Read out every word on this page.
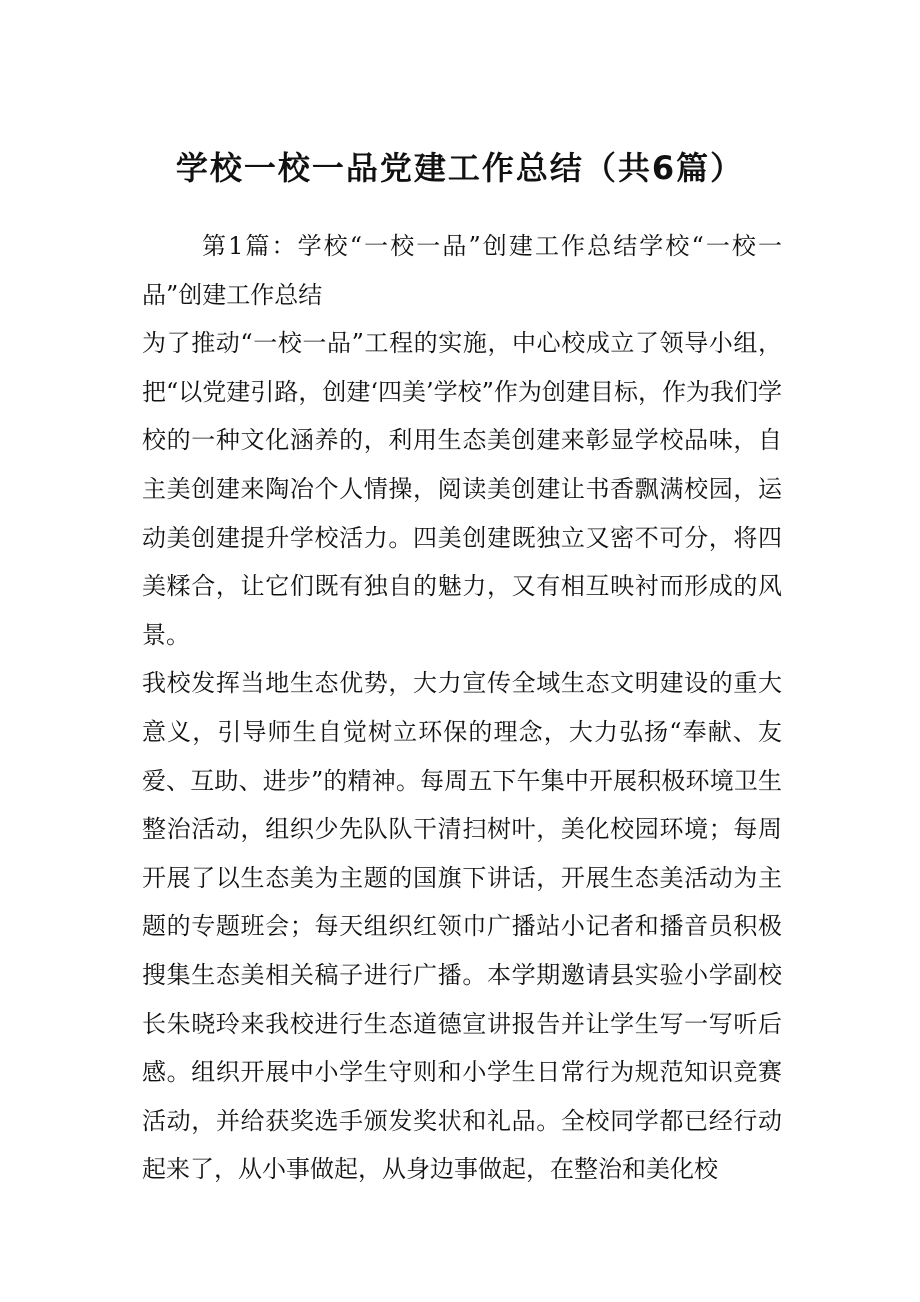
学校一校一品党建工作总结（共6篇）

第1篇：学校“一校一品”创建工作总结学校“一校一品”创建工作总结

为了推动“一校一品”工程的实施，中心校成立了领导小组，把“以党建引路，创建‘四美’学校”作为创建目标，作为我们学校的一种文化涵养的，利用生态美创建来彰显学校品味，自主美创建来陶冶个人情操，阅读美创建让书香飘满校园，运动美创建提升学校活力。四美创建既独立又密不可分，将四美糅合，让它们既有独自的魅力，又有相互映衬而形成的风景。

我校发挥当地生态优势，大力宣传全域生态文明建设的重大意义，引导师生自觉树立环保的理念，大力弘扬“奉献、友爱、互助、进步”的精神。每周五下午集中开展积极环境卫生整治活动，组织少先队队干清扫树叶，美化校园环境；每周开展了以生态美为主题的国旗下讲话，开展生态美活动为主题的专题班会；每天组织红领巾广播站小记者和播音员积极搜集生态美相关稿子进行广播。本学期邀请县实验小学副校长朱晓玲来我校进行生态道德宣讲报告并让学生写一写听后感。组织开展中小学生守则和小学生日常行为规范知识竞赛活动，并给获奖选手颁发奖状和礼品。全校同学都已经行动起来了，从小事做起，从身边事做起，在整治和美化校
